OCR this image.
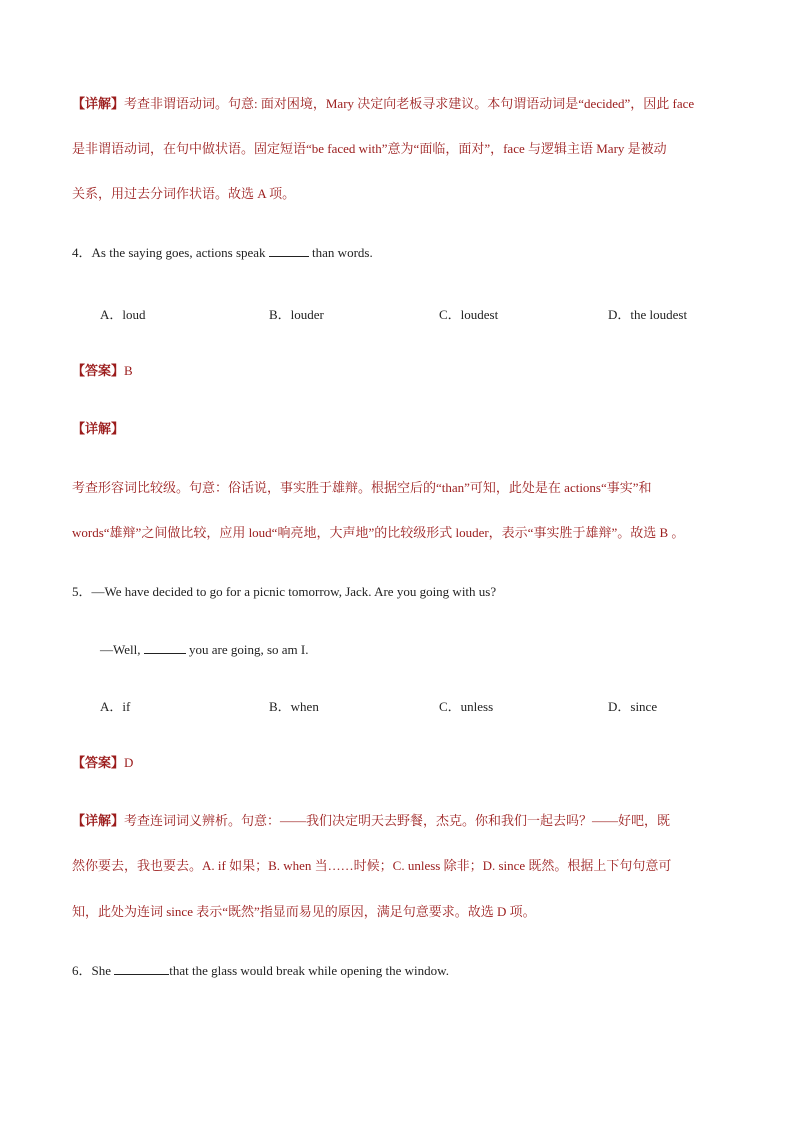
【详解】考查非谓语动词。句意: 面对困境，Mary 决定向老板寻求建议。本句谓语动词是“decided”，因此 face
是非谓语动词，在句中做状语。固定短语“be faced with”意为“面临，面对”，face 与逻辑主语 Mary 是被动
关系，用过去分词作状语。故选 A 项。
4．As the saying goes, actions speak	than words.
A．loud	B．louder	C．loudest	D．the loudest
【答案】B
【详解】
考查形容词比较级。句意：俗话说，事实胜于雄辩。根据空后的“than”可知，此处是在 actions“事实”和
words“雄辩”之间做比较，应用 loud“响亮地，大声地”的比较级形式 louder，表示“事实胜于雄辩”。故选 B 。
5．—We have decided to go for a picnic tomorrow, Jack. Are you going with us?
—Well,	you are going, so am I.
A．if	B．when	C．unless	D．since
【答案】D
【详解】考查连词词义辨析。句意：——我们决定明天去野餐，杰克。你和我们一起去吗？——好吧，既
然你要去，我也要去。A. if 如果；B. when 当……时候；C. unless 除非；D. since 既然。根据上下句句意可
知，此处为连词 since 表示“既然”指显而易见的原因，满足句意要求。故选 D 项。
6．She	that the glass would break while opening the window.
